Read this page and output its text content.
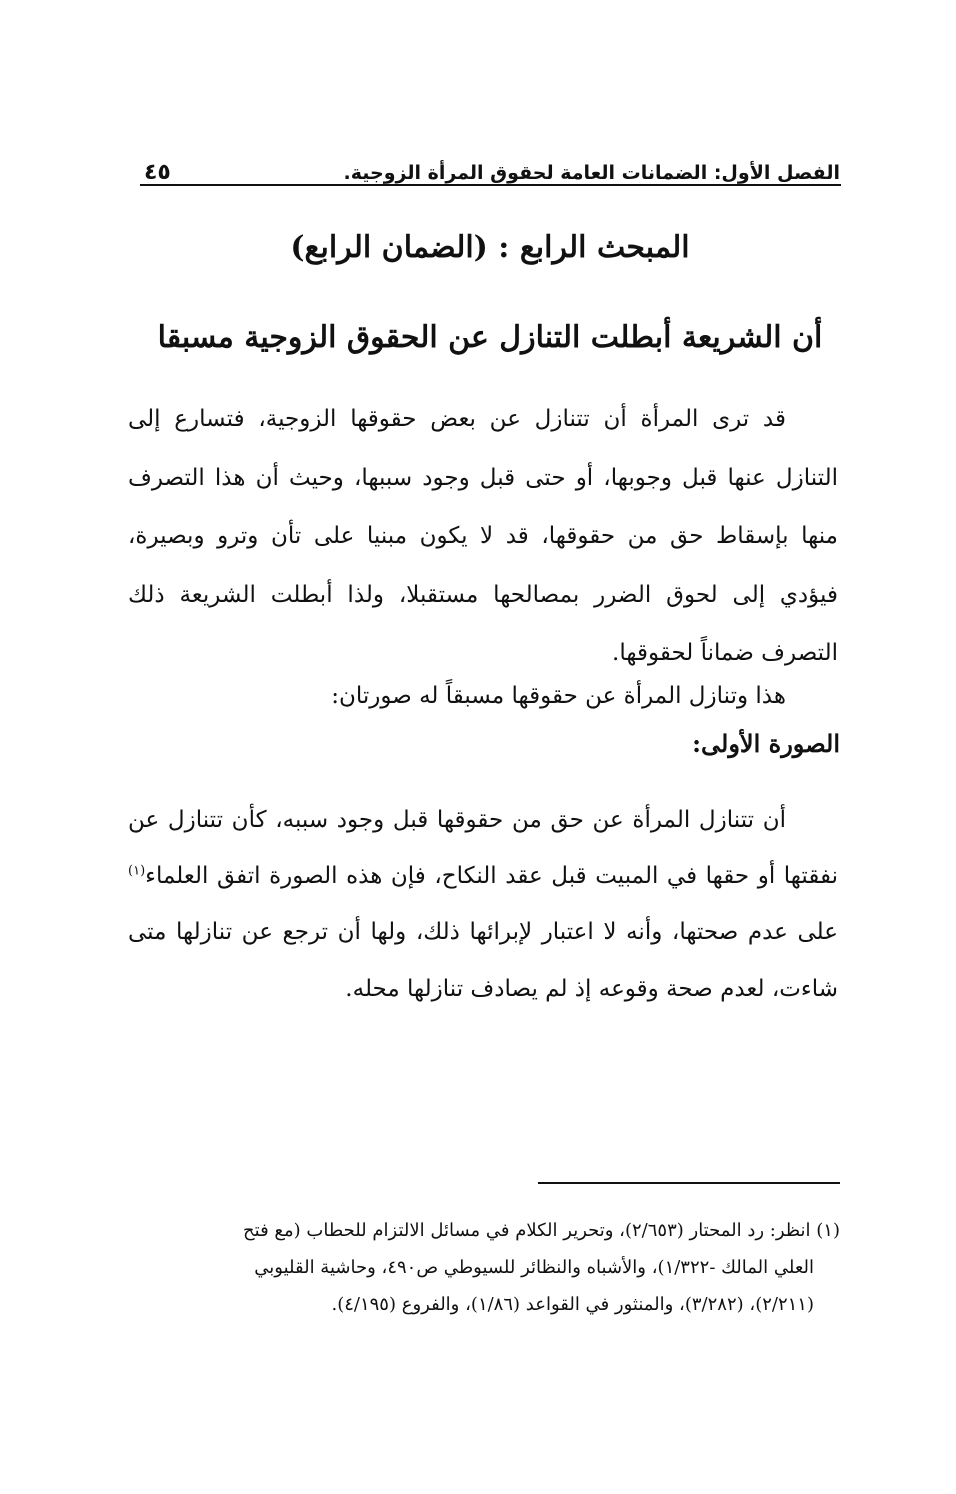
الفصل الأول: الضمانات العامة لحقوق المرأة الزوجية.
٤٥
المبحث الرابع : (الضمان الرابع)
أن الشريعة أبطلت التنازل عن الحقوق الزوجية مسبقا

قد ترى المرأة أن تتنازل عن بعض حقوقها الزوجية، فتسارع إلى التنازل عنها قبل وجوبها، أو حتى قبل وجود سببها، وحيث أن هذا التصرف منها بإسقاط حق من حقوقها، قد لا يكون مبنيا على تأن وترو وبصيرة، فيؤدي إلى لحوق الضرر بمصالحها مستقبلا، ولذا أبطلت الشريعة ذلك التصرف ضماناً لحقوقها.

هذا وتنازل المرأة عن حقوقها مسبقاً له صورتان:

الصورة الأولى:

أن تتنازل المرأة عن حق من حقوقها قبل وجود سببه، كأن تتنازل عن نفقتها أو حقها في المبيت قبل عقد النكاح، فإن هذه الصورة اتفق العلماء$^{(١)}$ على عدم صحتها، وأنه لا اعتبار لإبرائها ذلك، ولها أن ترجع عن تنازلها متى شاءت، لعدم صحة وقوعه إذ لم يصادف تنازلها محله.

(١) انظر: رد المحتار (٢/٦٥٣)، وتحرير الكلام في مسائل الالتزام للحطاب (مع فتح
العلي المالك -١/٣٢٢)، والأشباه والنظائر للسيوطي ص٤٩٠، وحاشية القليوبي
(٢/٢١١)، (٣/٢٨٢)، والمنثور في القواعد (١/٨٦)، والفروع (٤/١٩٥).
